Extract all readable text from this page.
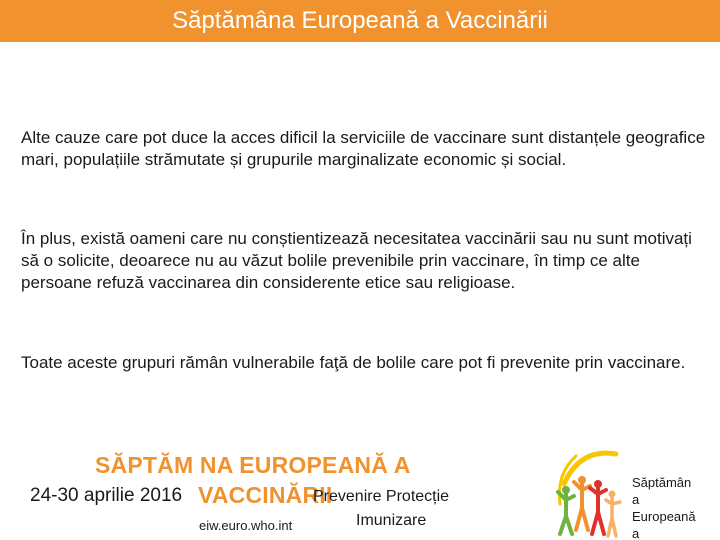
Săptămâna Europeană a Vaccinării
Alte cauze care pot duce la acces dificil la serviciile de vaccinare sunt distanțele geografice mari, populațiile strămutate și grupurile marginalizate economic și social.
În plus, există oameni care nu conștientizează necesitatea vaccinării sau nu sunt motivați să o solicite, deoarece nu au văzut bolile prevenibile prin vaccinare, în timp ce alte persoane refuză vaccinarea din considerente etice sau religioase.
Toate aceste grupuri rămân vulnerabile faţă de bolile care pot fi prevenite prin vaccinare.
SĂPTĂM NA EUROPEANĂ A
24-30 aprilie 2016 VACCINĂRII
Prevenire Protecție
Imunizare
eiw.euro.who.int
Săptămân
a
Europeană
a
